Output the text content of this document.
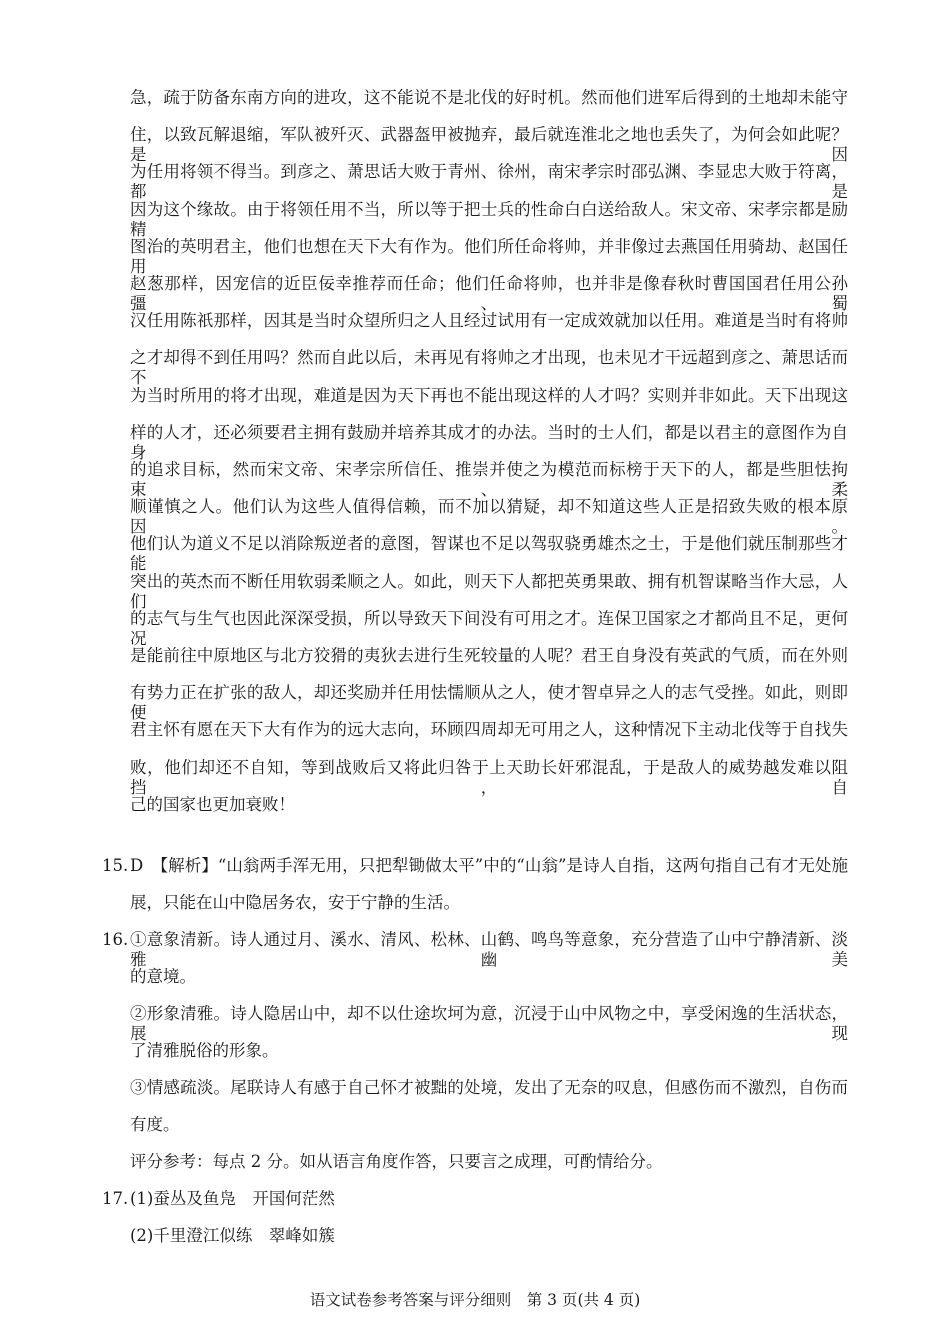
急，疏于防备东南方向的进攻，这不能说不是北伐的好时机。然而他们进军后得到的土地却未能守
住，以致瓦解退缩，军队被歼灭、武器盔甲被抛弃，最后就连淮北之地也丢失了，为何会如此呢？是因
为任用将领不得当。到彦之、萧思话大败于青州、徐州，南宋孝宗时邵弘渊、李显忠大败于符离，都是
因为这个缘故。由于将领任用不当，所以等于把士兵的性命白白送给敌人。宋文帝、宋孝宗都是励精
图治的英明君主，他们也想在天下大有作为。他们所任命将帅，并非像过去燕国任用骑劫、赵国任用
赵葱那样，因宠信的近臣佞幸推荐而任命；他们任命将帅，也并非是像春秋时曹国国君任用公孙彊、蜀
汉任用陈祇那样，因其是当时众望所归之人且经过试用有一定成效就加以任用。难道是当时有将帅
之才却得不到任用吗？然而自此以后，未再见有将帅之才出现，也未见才干远超到彦之、萧思话而不
为当时所用的将才出现，难道是因为天下再也不能出现这样的人才吗？实则并非如此。天下出现这
样的人才，还必须要君主拥有鼓励并培养其成才的办法。当时的士人们，都是以君主的意图作为自身
的追求目标，然而宋文帝、宋孝宗所信任、推崇并使之为模范而标榜于天下的人，都是些胆怯拘束、柔
顺谨慎之人。他们认为这些人值得信赖，而不加以猜疑，却不知道这些人正是招致失败的根本原因。
他们认为道义不足以消除叛逆者的意图，智谋也不足以驾驭骁勇雄杰之士，于是他们就压制那些才能
突出的英杰而不断任用软弱柔顺之人。如此，则天下人都把英勇果敢、拥有机智谋略当作大忌，人们
的志气与生气也因此深深受损，所以导致天下间没有可用之才。连保卫国家之才都尚且不足，更何况
是能前往中原地区与北方狡猾的夷狄去进行生死较量的人呢？君王自身没有英武的气质，而在外则
有势力正在扩张的敌人，却还奖励并任用怯懦顺从之人，使才智卓异之人的志气受挫。如此，则即便
君主怀有愿在天下大有作为的远大志向，环顾四周却无可用之人，这种情况下主动北伐等于自找失
败，他们却还不自知，等到战败后又将此归咎于上天助长奸邪混乱，于是敌人的威势越发难以阻挡，自
己的国家也更加衰败！
15. D　【解析】“山翁两手浑无用，只把犁锄做太平”中的“山翁”是诗人自指，这两句指自己有才无处施
展，只能在山中隐居务农，安于宁静的生活。
16. ①意象清新。诗人通过月、溪水、清风、松林、山鹤、鸣鸟等意象，充分营造了山中宁静清新、淡雅幽美
的意境。
②形象清雅。诗人隐居山中，却不以仕途坎坷为意，沉浸于山中风物之中，享受闲逸的生活状态，展现
了清雅脱俗的形象。
③情感疏淡。尾联诗人有感于自己怀才被黜的处境，发出了无奈的叹息，但感伤而不激烈，自伤而
有度。
评分参考：每点 2 分。如从语言角度作答，只要言之成理，可酌情给分。
17. (1)蚕丛及鱼凫　开国何茫然
(2)千里澄江似练　翠峰如簇
语文试卷参考答案与评分细则　第 3 页(共 4 页)
